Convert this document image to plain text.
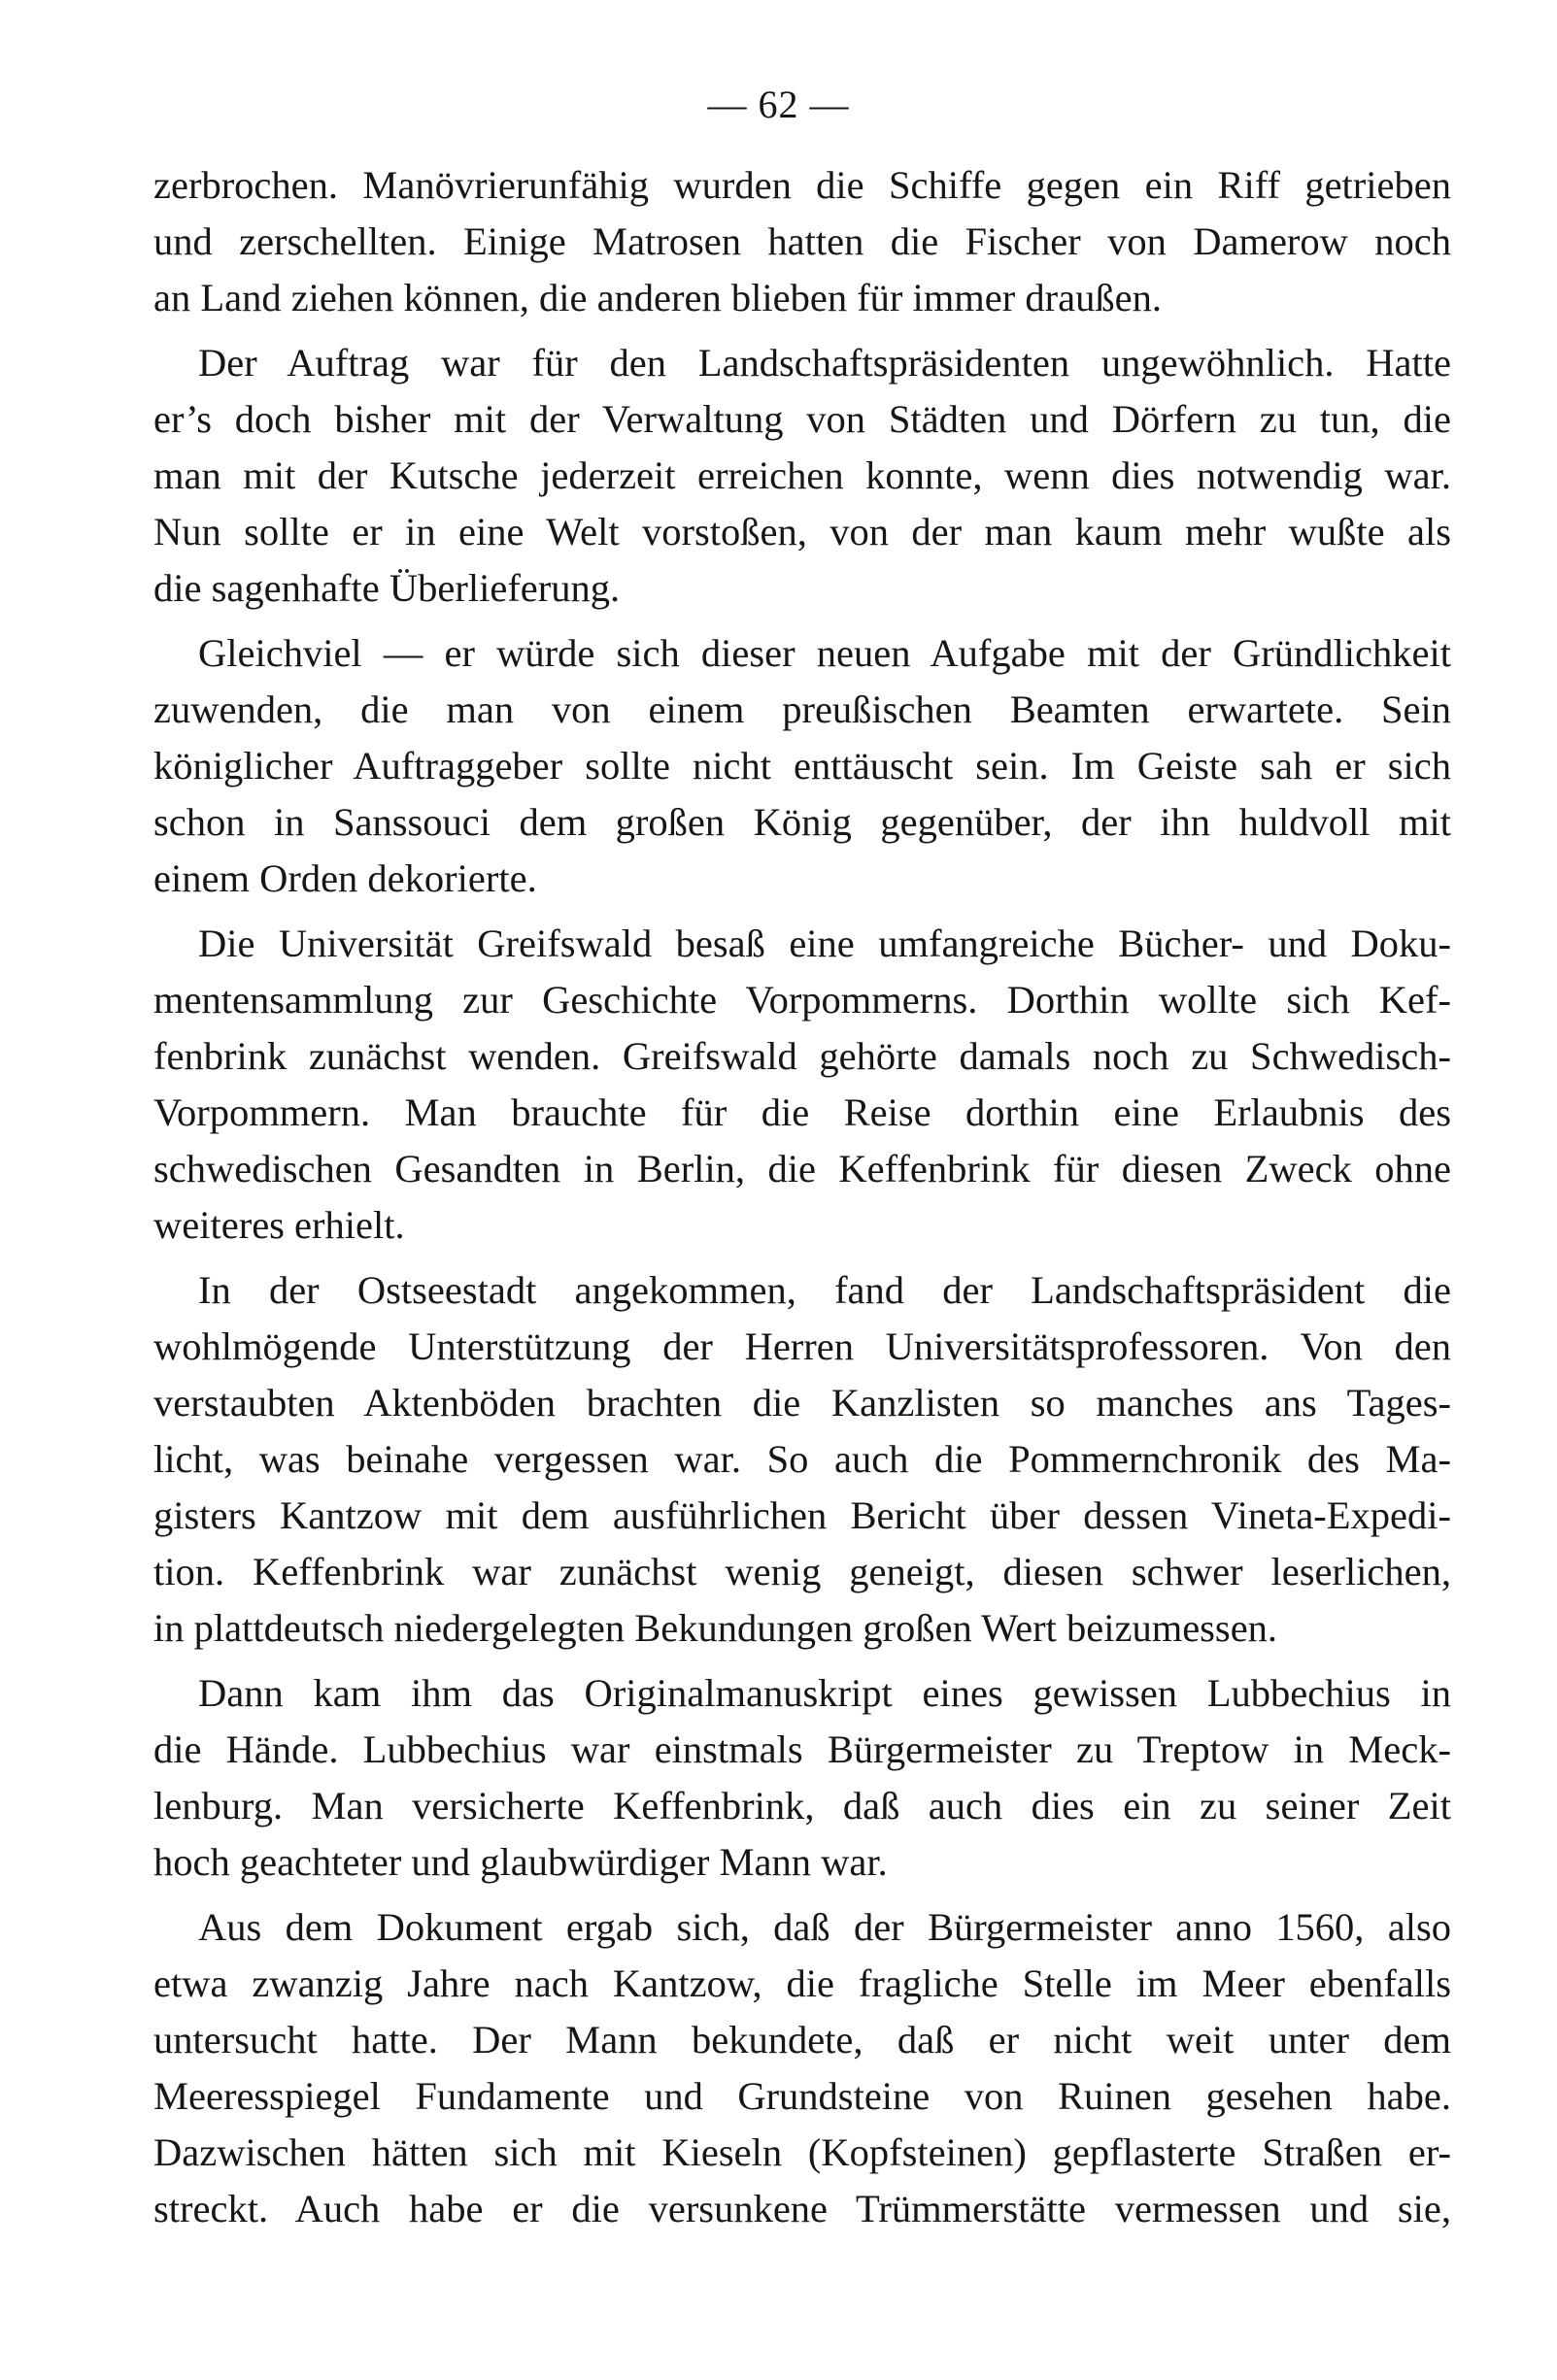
— 62 —
zerbrochen. Manövrierunfähig wurden die Schiffe gegen ein Riff getrieben
und zerschellten. Einige Matrosen hatten die Fischer von Damerow noch
an Land ziehen können, die anderen blieben für immer draußen.
Der Auftrag war für den Landschaftspräsidenten ungewöhnlich. Hatte
er’s doch bisher mit der Verwaltung von Städten und Dörfern zu tun, die
man mit der Kutsche jederzeit erreichen konnte, wenn dies notwendig war.
Nun sollte er in eine Welt vorstoßen, von der man kaum mehr wußte als
die sagenhafte Überlieferung.
Gleichviel — er würde sich dieser neuen Aufgabe mit der Gründlichkeit
zuwenden, die man von einem preußischen Beamten erwartete. Sein
königlicher Auftraggeber sollte nicht enttäuscht sein. Im Geiste sah er sich
schon in Sanssouci dem großen König gegenüber, der ihn huldvoll mit
einem Orden dekorierte.
Die Universität Greifswald besaß eine umfangreiche Bücher- und Doku-
mentensammlung zur Geschichte Vorpommerns. Dorthin wollte sich Kef-
fenbrink zunächst wenden. Greifswald gehörte damals noch zu Schwedisch-
Vorpommern. Man brauchte für die Reise dorthin eine Erlaubnis des
schwedischen Gesandten in Berlin, die Keffenbrink für diesen Zweck ohne
weiteres erhielt.
In der Ostseestadt angekommen, fand der Landschaftspräsident die
wohlmögende Unterstützung der Herren Universitätsprofessoren. Von den
verstaubten Aktenböden brachten die Kanzlisten so manches ans Tages-
licht, was beinahe vergessen war. So auch die Pommernchronik des Ma-
gisters Kantzow mit dem ausführlichen Bericht über dessen Vineta-Expedi-
tion. Keffenbrink war zunächst wenig geneigt, diesen schwer leserlichen,
in plattdeutsch niedergelegten Bekundungen großen Wert beizumessen.
Dann kam ihm das Originalmanuskript eines gewissen Lubbechius in
die Hände. Lubbechius war einstmals Bürgermeister zu Treptow in Meck-
lenburg. Man versicherte Keffenbrink, daß auch dies ein zu seiner Zeit
hoch geachteter und glaubwürdiger Mann war.
Aus dem Dokument ergab sich, daß der Bürgermeister anno 1560, also
etwa zwanzig Jahre nach Kantzow, die fragliche Stelle im Meer ebenfalls
untersucht hatte. Der Mann bekundete, daß er nicht weit unter dem
Meeresspiegel Fundamente und Grundsteine von Ruinen gesehen habe.
Dazwischen hätten sich mit Kieseln (Kopfsteinen) gepflasterte Straßen er-
streckt. Auch habe er die versunkene Trümmerstätte vermessen und sie,
